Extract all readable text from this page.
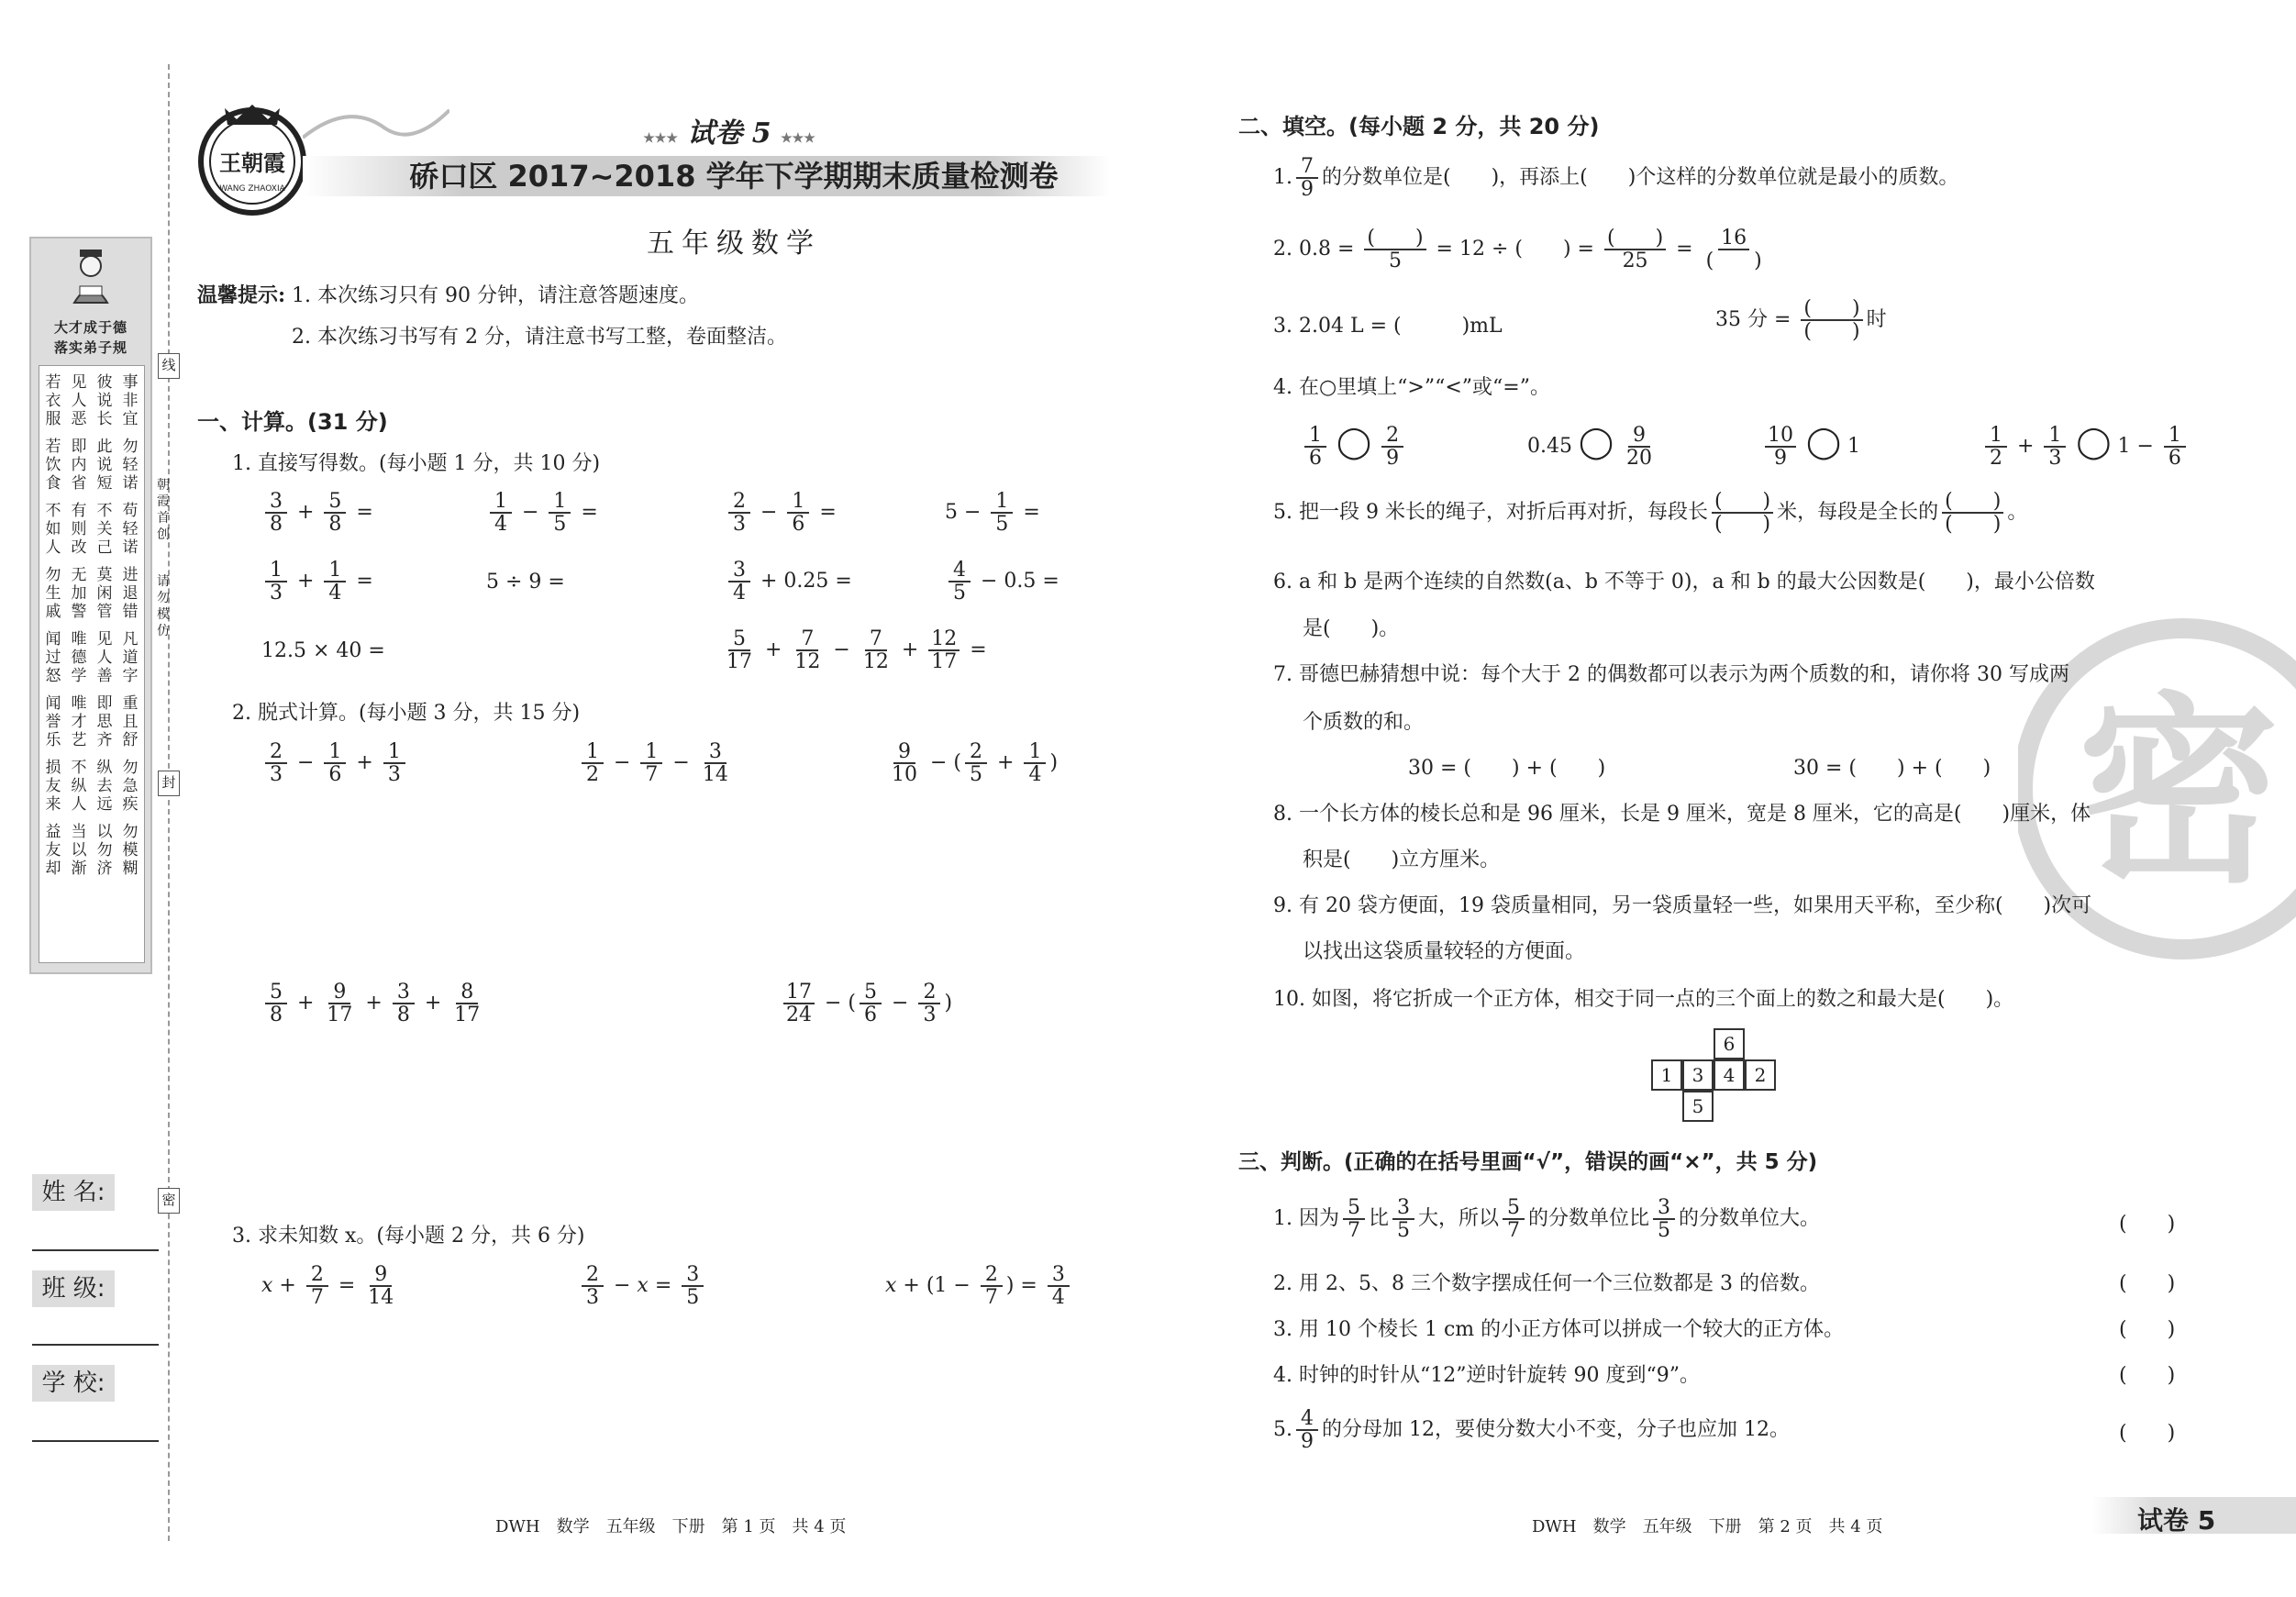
大才成于德
落实弟子规
若衣服
见人恶
彼说长
事非宜
若饮食
即内省
此说短
勿轻诺
不如人
有则改
不关己
苟轻诺
勿生戚
无加警
莫闲管
进退错
闻过怒
唯德学
见人善
凡道字
闻誉乐
唯才艺
即思齐
重且舒
损友来
不纵人
纵去远
勿急疾
益友却
当以渐
以勿济
勿模糊
线
朝霞首创
请勿模仿
封
密
姓 名:
班 级:
学 校:
王朝霞
WANG ZHAOXIA
★★★ 试卷 5 ★★★
硚口区 2017~2018 学年下学期期末质量检测卷
五年级数学
温馨提示: 1. 本次练习只有 90 分钟，请注意答题速度。
2. 本次练习书写有 2 分，请注意书写工整，卷面整洁。
一、计算。(31 分)
1. 直接写得数。(每小题 1 分，共 10 分)
$\frac{3}{8} + \frac{5}{8}$ =	$\frac{1}{4} - \frac{1}{5}$ =	$\frac{2}{3} - \frac{1}{6}$ =	$5 - \frac{1}{5}$ =
$\frac{1}{3} + \frac{1}{4}$ =	5 ÷ 9 =	$\frac{3}{4} + 0.25$ =	$\frac{4}{5} - 0.5$ =
12.5 × 40 =	$\frac{5}{17} + \frac{7}{12} - \frac{7}{12} + \frac{12}{17}$ =
2. 脱式计算。(每小题 3 分，共 15 分)
$\frac{2}{3} - \frac{1}{6} + \frac{1}{3}$	$\frac{1}{2} - \frac{1}{7} - \frac{3}{14}$	$\frac{9}{10}$ − ( $\frac{2}{5} + \frac{1}{4}$ )
$\frac{5}{8} + \frac{9}{17} + \frac{3}{8} + \frac{8}{17}$	$\frac{17}{24}$ − ( $\frac{5}{6} - \frac{2}{3}$ )
3. 求未知数 x。(每小题 2 分，共 6 分)
$x + \frac{2}{7} = \frac{9}{14}$	$\frac{2}{3} - x = \frac{3}{5}$	$x + (1 - \frac{2}{7}$ ) = $\frac{3}{4}$
DWH　数学　五年级　下册　第 1 页　共 4 页
密
二、填空。(每小题 2 分，共 20 分)
1. $\frac{7}{9}$ 的分数单位是(　　)，再添上(　　)个这样的分数单位就是最小的质数。
2. 0.8 = (　　)
5
= 12 ÷ (　　) = (　　)
25
= 16
(　　)
3. 2.04 L = (　　　)mL	35 分 = (　　)
(　　)
时
4. 在○里填上“>”“<”或“=”。
$\frac{1}{6}$ ◯ $\frac{2}{9}$	0.45 ◯ $\frac{9}{20}$	$\frac{10}{9}$ ◯ 1	$\frac{1}{2} + \frac{1}{3}$ ◯ $1 - \frac{1}{6}$
5. 把一段 9 米长的绳子，对折后再对折，每段长 (　　)
(　　)
米，每段是全长的 (　　)
(　　)
。
6. a 和 b 是两个连续的自然数(a、b 不等于 0)，a 和 b 的最大公因数是(　　)，最小公倍数
是(　　)。
7. 哥德巴赫猜想中说：每个大于 2 的偶数都可以表示为两个质数的和，请你将 30 写成两
个质数的和。
30 = (　　) + (　　)	30 = (　　) + (　　)
8. 一个长方体的棱长总和是 96 厘米，长是 9 厘米，宽是 8 厘米，它的高是(　　)厘米，体
积是(　　)立方厘米。
9. 有 20 袋方便面，19 袋质量相同，另一袋质量轻一些，如果用天平称，至少称(　　)次可
以找出这袋质量较轻的方便面。
10. 如图，将它折成一个正方体，相交于同一点的三个面上的数之和最大是(　　)。
6
1	3	4	2
5
三、判断。(正确的在括号里画“√”，错误的画“×”，共 5 分)
1. 因为 $\frac{5}{7}$ 比 $\frac{3}{5}$ 大，所以 $\frac{5}{7}$ 的分数单位比 $\frac{3}{5}$ 的分数单位大。	(　　)
2. 用 2、5、8 三个数字摆成任何一个三位数都是 3 的倍数。	(　　)
3. 用 10 个棱长 1 cm 的小正方体可以拼成一个较大的正方体。	(　　)
4. 时钟的时针从“12”逆时针旋转 90 度到“9”。	(　　)
5. $\frac{4}{9}$ 的分母加 12，要使分数大小不变，分子也应加 12。	(　　)
DWH　数学　五年级　下册　第 2 页　共 4 页	试卷 5
